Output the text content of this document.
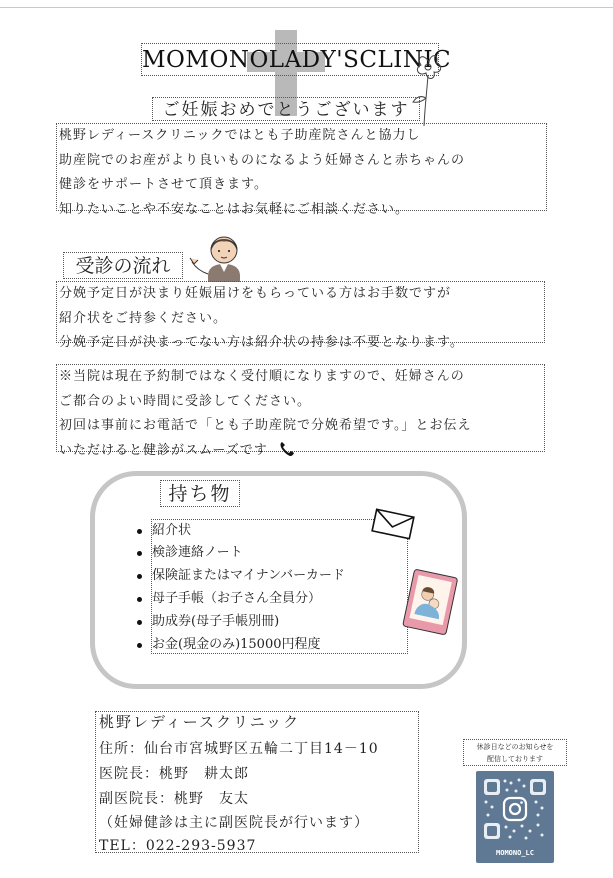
MOMONOLADY'SCLINIC
ご妊娠おめでとうございます
桃野レディースクリニックではとも子助産院さんと協力し
助産院でのお産がより良いものになるよう妊婦さんと赤ちゃんの
健診をサポートさせて頂きます。
知りたいことや不安なことはお気軽にご相談ください。
受診の流れ
分娩予定日が決まり妊娠届けをもらっている方はお手数ですが
紹介状をご持参ください。
分娩予定日が決まってない方は紹介状の持参は不要となります。
※当院は現在予約制ではなく受付順になりますので、妊婦さんの
ご都合のよい時間に受診してください。
初回は事前にお電話で「とも子助産院で分娩希望です。」とお伝え
いただけると健診がスムーズです
持ち物
紹介状
検診連絡ノート
保険証またはマイナンバーカード
母子手帳（お子さん全員分）
助成券(母子手帳別冊)
お金(現金のみ)15000円程度
桃野レディースクリニック
住所：仙台市宮城野区五輪二丁目14－10
医院長：桃野　耕太郎
副医院長：桃野　友太
（妊婦健診は主に副医院長が行います）
TEL：022-293-5937
休診日などのお知らせを
配信しております
MOMONO_LC
